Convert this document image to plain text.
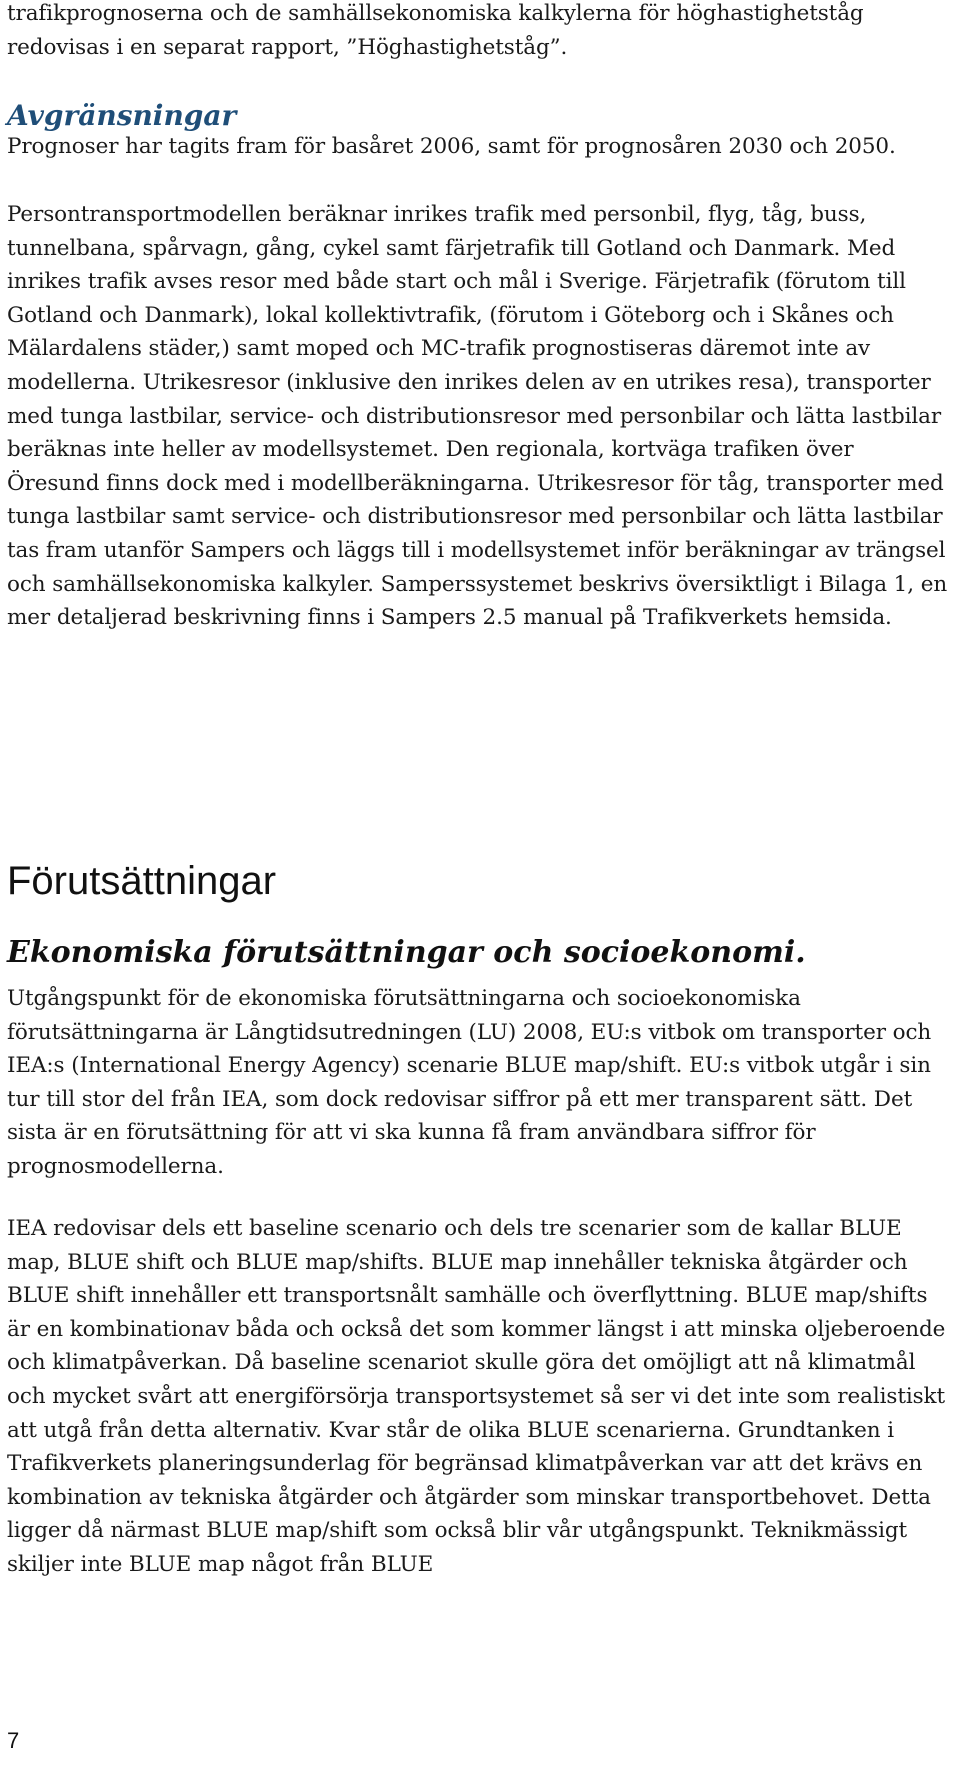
trafikprognoserna och de samhällsekonomiska kalkylerna för höghastighetståg redovisas i en separat rapport, ”Höghastighetståg”.

Avgränsningar

Prognoser har tagits fram för basåret 2006, samt för prognosåren 2030 och 2050.

Persontransportmodellen beräknar inrikes trafik med personbil, flyg, tåg, buss, tunnelbana, spårvagn, gång, cykel samt färjetrafik till Gotland och Danmark. Med inrikes trafik avses resor med både start och mål i Sverige. Färjetrafik (förutom till Gotland och Danmark), lokal kollektivtrafik, (förutom i Göteborg och i Skånes och Mälardalens städer,) samt moped och MC-trafik prognostiseras däremot inte av modellerna. Utrikesresor (inklusive den inrikes delen av en utrikes resa), transporter med tunga lastbilar, service- och distributionsresor med personbilar och lätta lastbilar beräknas inte heller av modellsystemet. Den regionala, kortväga trafiken över Öresund finns dock med i modellberäkningarna. Utrikesresor för tåg, transporter med tunga lastbilar samt service- och distributionsresor med personbilar och lätta lastbilar tas fram utanför Sampers och läggs till i modellsystemet inför beräkningar av trängsel och samhällsekonomiska kalkyler. Samperssystemet beskrivs översiktligt i Bilaga 1, en mer detaljerad beskrivning finns i Sampers 2.5 manual på Trafikverkets hemsida.

Förutsättningar
Ekonomiska förutsättningar och socioekonomi.

Utgångspunkt för de ekonomiska förutsättningarna och socioekonomiska förutsättningarna är Långtidsutredningen (LU) 2008, EU:s vitbok om transporter och IEA:s (International Energy Agency) scenarie BLUE map/shift. EU:s vitbok utgår i sin tur till stor del från IEA, som dock redovisar siffror på ett mer transparent sätt. Det sista är en förutsättning för att vi ska kunna få fram användbara siffror för prognosmodellerna.

IEA redovisar dels ett baseline scenario och dels tre scenarier som de kallar BLUE map, BLUE shift och BLUE map/shifts. BLUE map innehåller tekniska åtgärder och BLUE shift innehåller ett transportsnålt samhälle och överflyttning. BLUE map/shifts är en kombinationav båda och också det som kommer längst i att minska oljeberoende och klimatpåverkan. Då baseline scenariot skulle göra det omöjligt att nå klimatmål och mycket svårt att energiförsörja transportsystemet så ser vi det inte som realistiskt att utgå från detta alternativ. Kvar står de olika BLUE scenarierna. Grundtanken i Trafikverkets planeringsunderlag för begränsad klimatpåverkan var att det krävs en kombination av tekniska åtgärder och åtgärder som minskar transportbehovet. Detta ligger då närmast BLUE map/shift som också blir vår utgångspunkt. Teknikmässigt skiljer inte BLUE map något från BLUE

7
